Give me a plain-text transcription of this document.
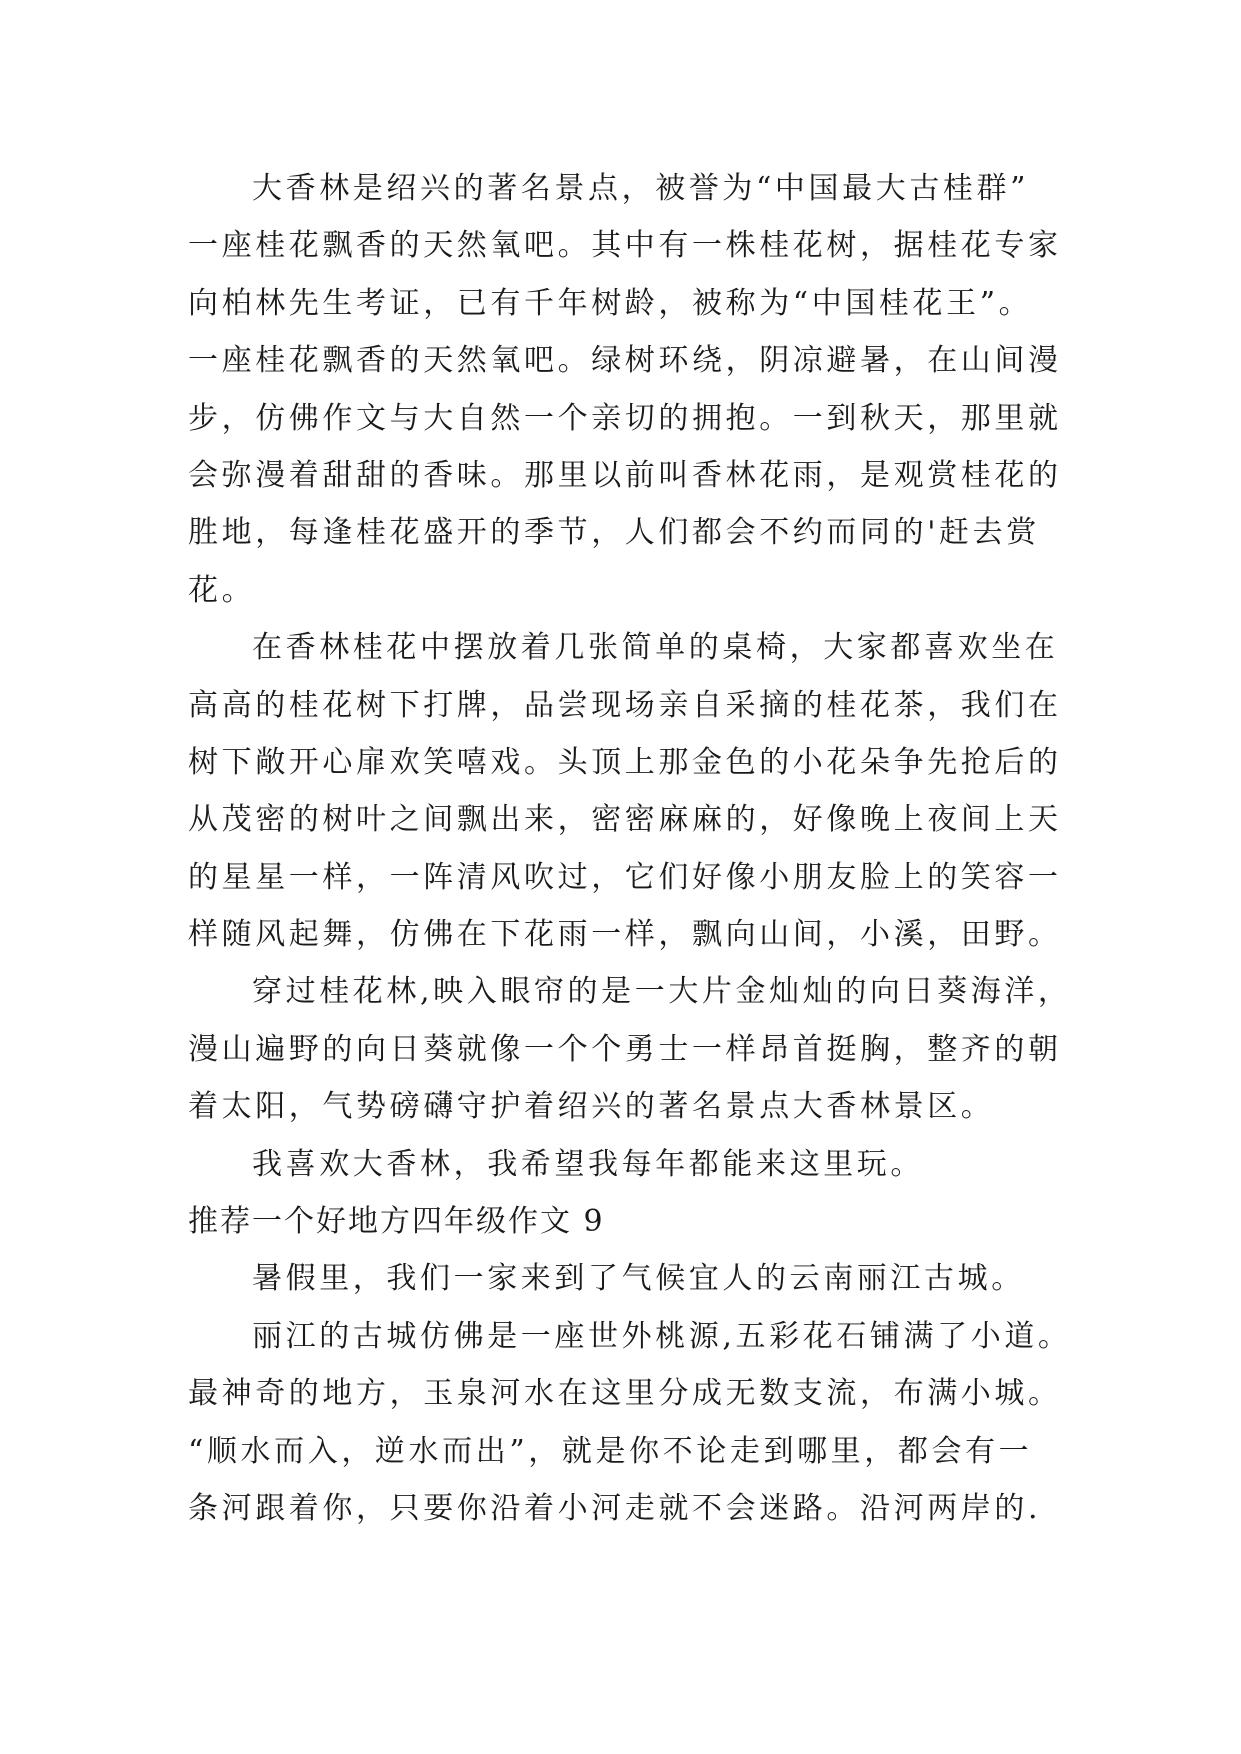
大香林是绍兴的著名景点，被誉为“中国最大古桂群”
一座桂花飘香的天然氧吧。其中有一株桂花树，据桂花专家
向柏林先生考证，已有千年树龄，被称为“中国桂花王”。
一座桂花飘香的天然氧吧。绿树环绕，阴凉避暑，在山间漫
步，仿佛作文与大自然一个亲切的拥抱。一到秋天，那里就
会弥漫着甜甜的香味。那里以前叫香林花雨，是观赏桂花的
胜地，每逢桂花盛开的季节，人们都会不约而同的'赶去赏
花。
在香林桂花中摆放着几张简单的桌椅，大家都喜欢坐在
高高的桂花树下打牌，品尝现场亲自采摘的桂花茶，我们在
树下敞开心扉欢笑嘻戏。头顶上那金色的小花朵争先抢后的
从茂密的树叶之间飘出来，密密麻麻的，好像晚上夜间上天
的星星一样，一阵清风吹过，它们好像小朋友脸上的笑容一
样随风起舞，仿佛在下花雨一样，飘向山间，小溪，田野。
穿过桂花林,映入眼帘的是一大片金灿灿的向日葵海洋，
漫山遍野的向日葵就像一个个勇士一样昂首挺胸，整齐的朝
着太阳，气势磅礴守护着绍兴的著名景点大香林景区。
我喜欢大香林，我希望我每年都能来这里玩。
推荐一个好地方四年级作文 9
暑假里，我们一家来到了气候宜人的云南丽江古城。
丽江的古城仿佛是一座世外桃源,五彩花石铺满了小道。
最神奇的地方，玉泉河水在这里分成无数支流，布满小城。
“顺水而入，逆水而出”，就是你不论走到哪里，都会有一
条河跟着你，只要你沿着小河走就不会迷路。沿河两岸的.
